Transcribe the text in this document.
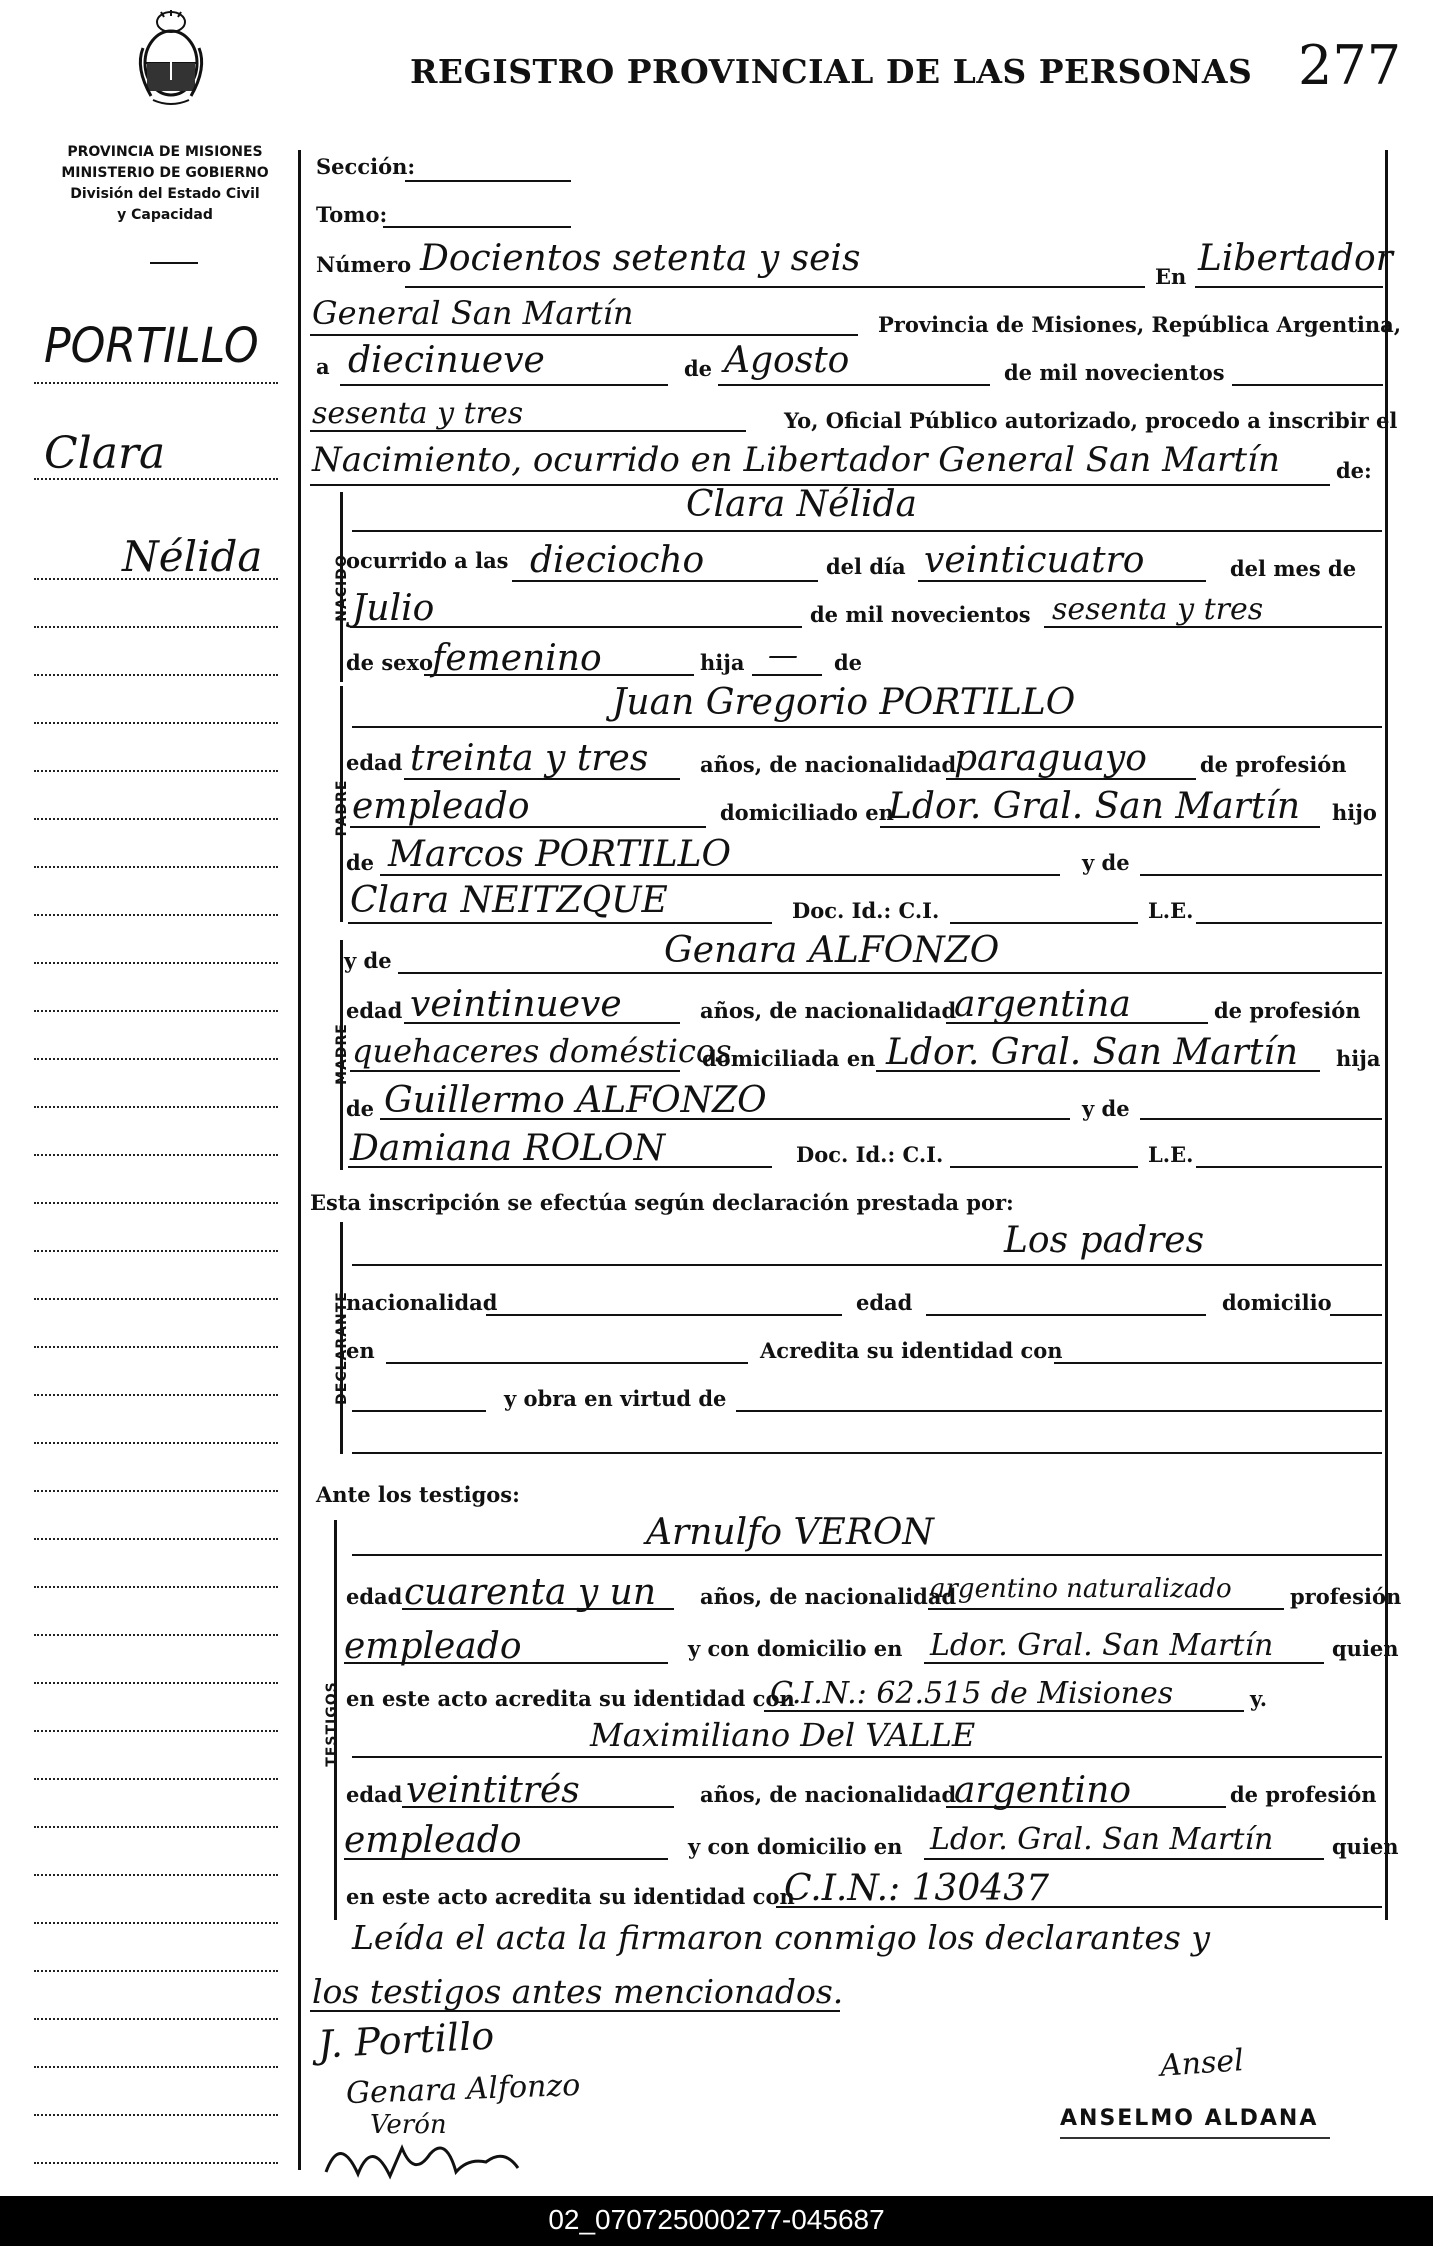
REGISTRO PROVINCIAL DE LAS PERSONAS 277
PROVINCIA DE MISIONES
MINISTERIO DE GOBIERNO
División del Estado Civil
y Capacidad
PORTILLO
Clara
Nélida
Sección:
Tomo:
Número Docientos setenta y seis	En Libertador
General San Martín	Provincia de Misiones, República Argentina,
a diecinueve	de Agosto	de mil novecientos
sesenta y tres	Yo, Oficial Público autorizado, procedo a inscribir el
Nacimiento, ocurrido en Libertador General San Martín	de:
NACIDO
Clara Nélida
ocurrido a las dieciocho	del día veinticuatro	del mes de
Julio	de mil novecientos sesenta y tres
de sexo
femenino	hija — de
PADRE
Juan Gregorio PORTILLO
edad treinta y tres años, de nacionalidad
paraguayo	de profesión
empleado	domiciliado en
Ldor. Gral. San Martín hijo
de Marcos PORTILLO	y de
Clara NEITZQUE	Doc. Id.: C.I.	L.E.
MADRE
y de	Genara ALFONZO
edad veintinueve	años, de nacionalidad
argentina	de profesión
quehaceres domésticos
domiciliada en Ldor. Gral. San Martín hija
de Guillermo ALFONZO	y de
Damiana ROLON	Doc. Id.: C.I.	L.E.
Esta inscripción se efectúa según declaración prestada por:
DECLARANTE
Los padres
nacionalidad	edad	domicilio
en	Acredita su identidad con
y obra en virtud de
Ante los testigos:
TESTIGOS
Arnulfo VERON
edad cuarenta y un años, de nacionalidad
argentino naturalizado	profesión
empleado	y con domicilio en Ldor. Gral. San Martín	quien
en este acto acredita su identidad con
C.I.N.: 62.515 de Misiones	y.
Maximiliano Del VALLE
edad veintitrés	años, de nacionalidad
argentino	de profesión
empleado	y con domicilio en Ldor. Gral. San Martín	quien
en este acto acredita su identidad con
C.I.N.: 130437
Leída el acta la firmaron conmigo los declarantes y
los testigos antes mencionados.
J. Portillo
Genara Alfonzo
Verón
Ansel
ANSELMO ALDANA
02_070725000277-045687
